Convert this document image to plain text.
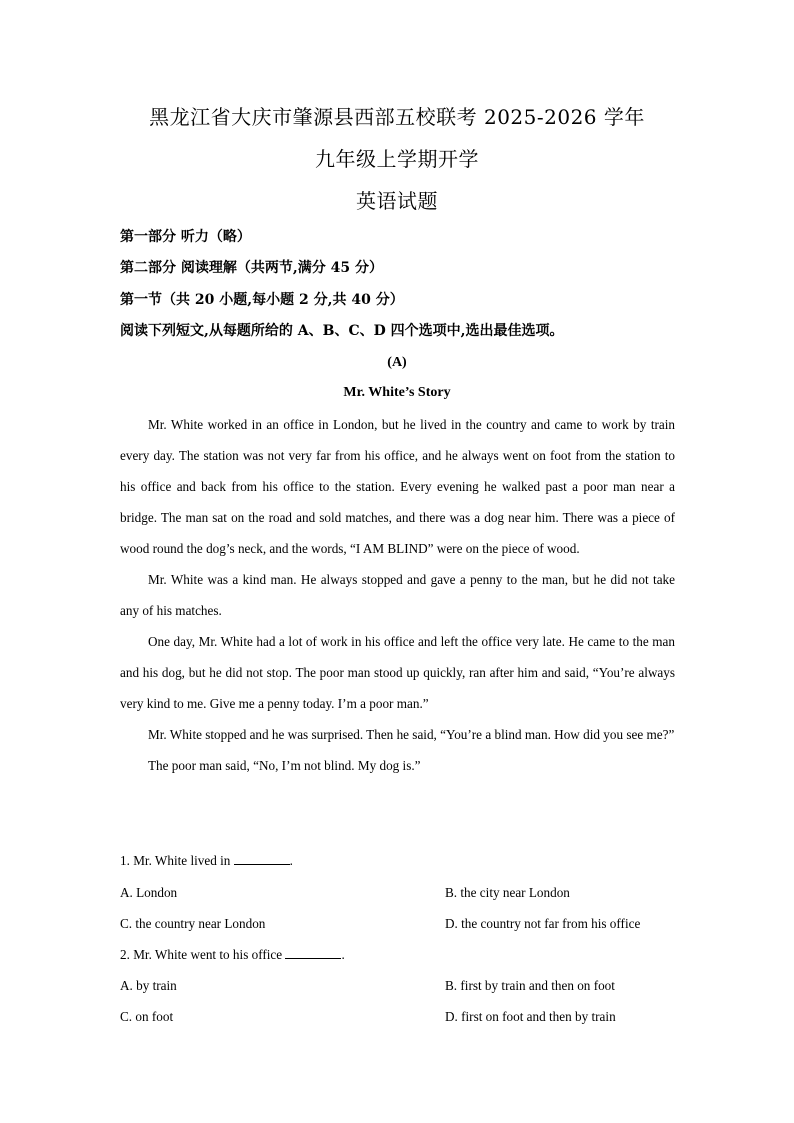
黑龙江省大庆市肇源县西部五校联考 2025-2026 学年
九年级上学期开学
英语试题
第一部分 听力（略）
第二部分 阅读理解（共两节,满分 45 分）
第一节（共 20 小题,每小题 2 分,共 40 分）
阅读下列短文,从每题所给的 A、B、C、D 四个选项中,选出最佳选项。
(A)
Mr. White’s Story

Mr. White worked in an office in London, but he lived in the country and came to work by train every day. The station was not very far from his office, and he always went on foot from the station to his office and back from his office to the station. Every evening he walked past a poor man near a bridge. The man sat on the road and sold matches, and there was a dog near him. There was a piece of wood round the dog’s neck, and the words, “I AM BLIND” were on the piece of wood.

Mr. White was a kind man. He always stopped and gave a penny to the man, but he did not take any of his matches.

One day, Mr. White had a lot of work in his office and left the office very late. He came to the man and his dog, but he did not stop. The poor man stood up quickly, ran after him and said, “You’re always very kind to me. Give me a penny today. I’m a poor man.”

Mr. White stopped and he was surprised. Then he said, “You’re a blind man. How did you see me?”

The poor man said, “No, I’m not blind. My dog is.”

1. Mr. White lived in	.
A. London	B. the city near London
C. the country near London	D. the country not far from his office
2. Mr. White went to his office	.
A. by train	B. first by train and then on foot
C. on foot	D. first on foot and then by train
